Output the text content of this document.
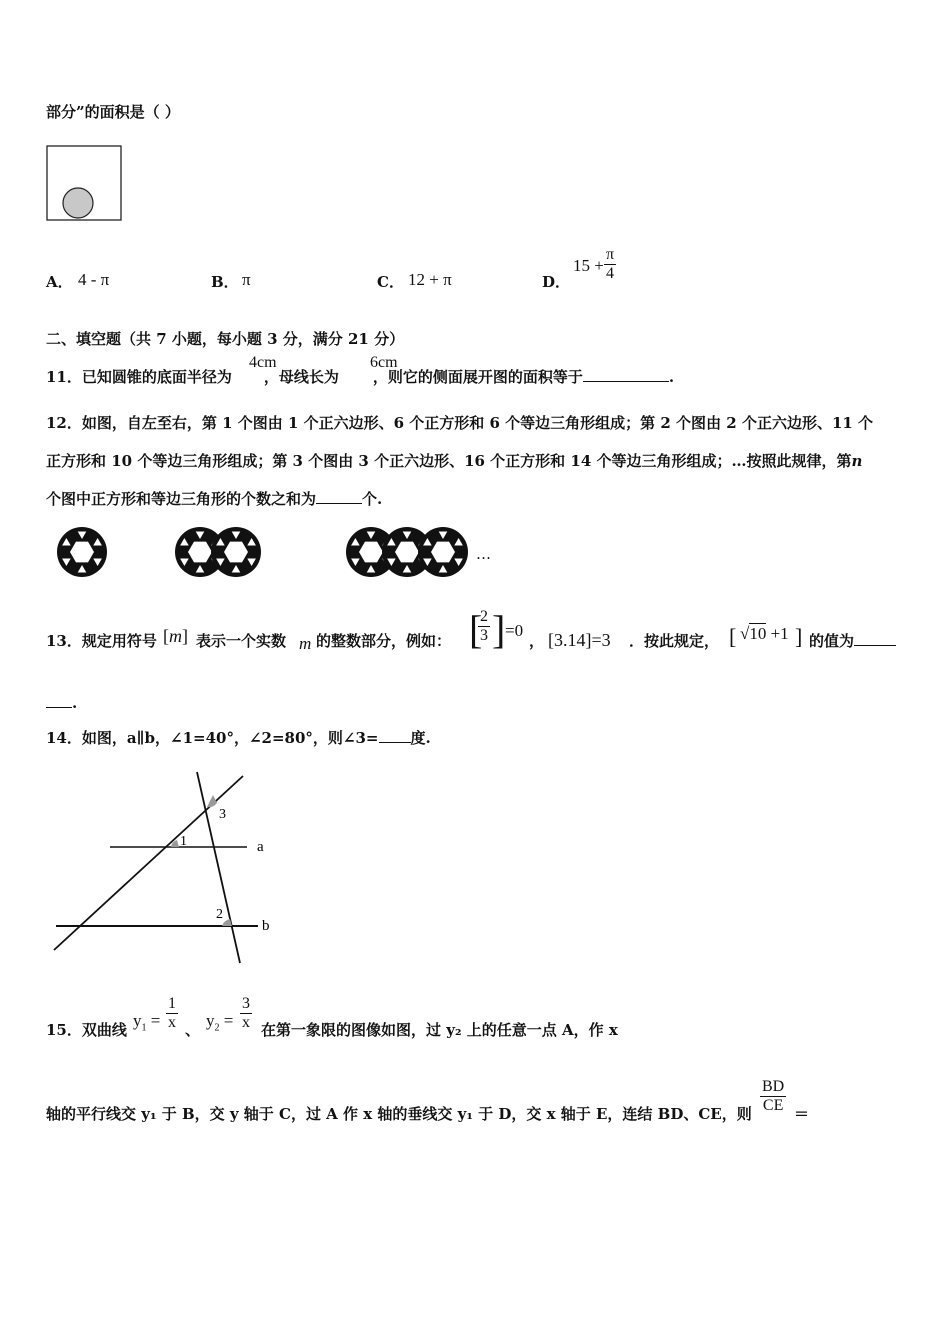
部分”的面积是（ ）
A． 4 - π	B． π	C． 12 + π	D．
$15 + \frac{\pi}{4}$
二、填空题（共 7 小题，每小题 3 分，满分 21 分）
11．已知圆锥的底面半径为 ，母线长为 ，则它的侧面展开图的面积等于	.
4cm	6cm
12．如图，自左至右，第 1 个图由 1 个正六边形、6 个正方形和 6 个等边三角形组成；第 2 个图由 2 个正六边形、11 个
正方形和 10 个等边三角形组成；第 3 个图由 3 个正六边形、16 个正方形和 14 个等边三角形组成；…按照此规律，第n
个图中正方形和等边三角形的个数之和为	个.
…
13．规定用符号 [m] 表示一个实数 m 的整数部分，例如： [
$\frac{2}{3}$ ] =0
， [3.14]=3 ．按此规定， [ √10 +1 ] 的值为
.
14．如图，a∥b，∠1=40°，∠2=80°，则∠3= 度.
1
2
3
a
b
15．双曲线 $y_1 = \frac{1}{x}$ 、 $y_2 = \frac{3}{x}$ 在第一象限的图像如图，过 y₂ 上的任意一点 A，作 x
轴的平行线交 y₁ 于 B，交 y 轴于 C，过 A 作 x 轴的垂线交 y₁ 于 D，交 x 轴于 E，连结 BD、CE，则 $\frac{BD}{CE}$ ＝
